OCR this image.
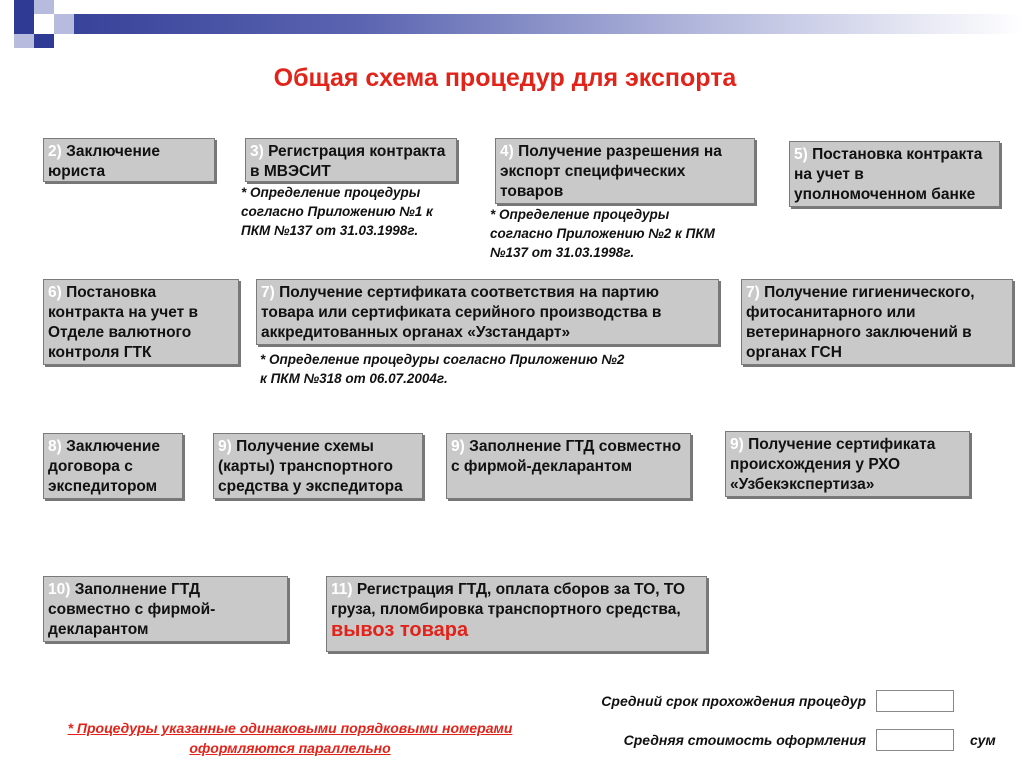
Общая схема процедур для экспорта
2) Заключение юриста
3) Регистрация контракта в МВЭСИТ
4) Получение разрешения на экспорт специфических товаров
5) Постановка контракта на учет в уполномоченном банке
* Определение процедуры согласно Приложению №1 к ПКМ №137 от 31.03.1998г.
* Определение процедуры согласно Приложению №2 к ПКМ №137 от 31.03.1998г.
6) Постановка контракта на учет в Отделе валютного контроля ГТК
7) Получение сертификата соответствия на партию товара или сертификата серийного производства в аккредитованных органах «Узстандарт»
7) Получение гигиенического, фитосанитарного или ветеринарного заключений в органах ГСН
* Определение процедуры согласно Приложению №2 к ПКМ №318 от 06.07.2004г.
8) Заключение договора с экспедитором
9) Получение схемы (карты) транспортного средства у экспедитора
9) Заполнение ГТД совместно с фирмой-декларантом
9) Получение сертификата происхождения у РХО «Узбекэкспертиза»
10) Заполнение ГТД совместно с фирмой-декларантом
11) Регистрация ГТД, оплата сборов за ТО, ТО груза, пломбировка транспортного средства, вывоз товара
* Процедуры указанные одинаковыми порядковыми номерами оформляются параллельно
Средний срок прохождения процедур
Средняя стоимость оформления	сум
